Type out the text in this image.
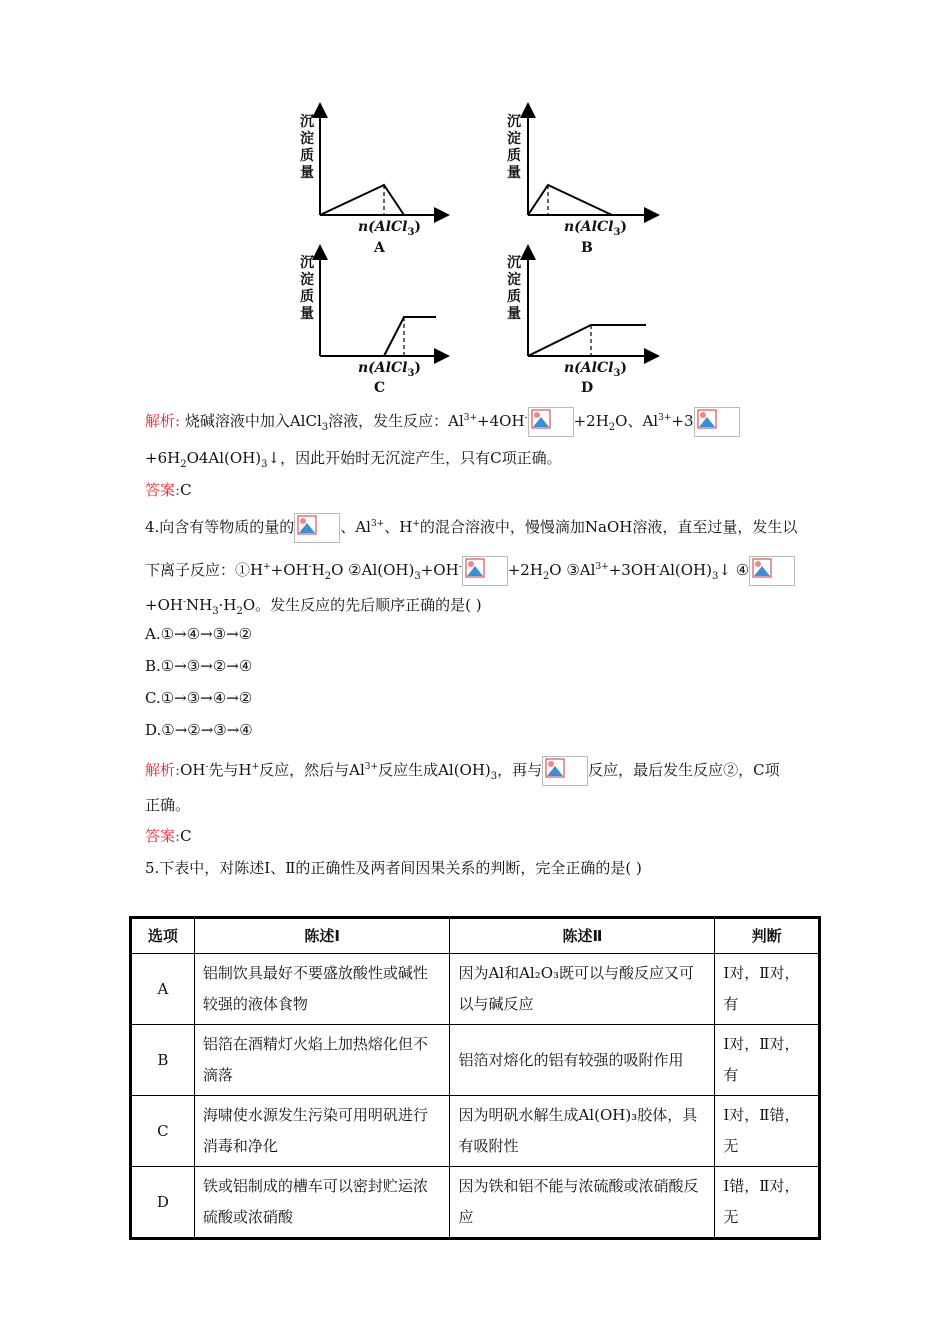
沉
淀
质
量
沉
淀
质
量
沉
淀
质
量
沉
淀
质
量
n(AlCl$_3$)	n(AlCl$_3$)
n(AlCl$_3$)	n(AlCl$_3$)
A	B
C	D
解析: 烧碱溶液中加入AlCl$_3$溶液，发生反应：$Al^{3+}+4OH^-$	$+2H_2O$、$Al^{3+}+3$
$+6H_2O4Al(OH)_3↓$，因此开始时无沉淀产生，只有C项正确。
答案:C
4.向含有等物质的量的	、$Al^{3+}$、H+的混合溶液中，慢慢滴加NaOH溶液，直至过量，发生以
下离子反应：$①H^++OH^-H_2O$ $②Al(OH)_3+OH^-$	$+2H_2O$ $③Al^{3+}+3OH^-Al(OH)_3↓$ ④
$+OH^-NH_3\cdot H_2O$。发生反应的先后顺序正确的是( )
A.①→④→③→②
B.①→③→②→④
C.①→③→④→②
D.①→②→③→④
解析:OH-先与H+反应，然后与$Al^{3+}$反应生成$Al(OH)_3$，再与	反应，最后发生反应②，C项
正确。
答案:C
5.下表中，对陈述Ⅰ、Ⅱ的正确性及两者间因果关系的判断，完全正确的是( )
选项	陈述Ⅰ	陈述Ⅱ	判断
A	铝制饮具最好不要盛放酸性或碱性较强的液体食物	因为Al和Al₂O₃既可以与酸反应又可以与碱反应	Ⅰ对，Ⅱ对，有
B	铝箔在酒精灯火焰上加热熔化但不滴落	铝箔对熔化的铝有较强的吸附作用	Ⅰ对，Ⅱ对，有
C	海啸使水源发生污染可用明矾进行消毒和净化	因为明矾水解生成Al(OH)₃胶体，具有吸附性	Ⅰ对，Ⅱ错，无
D	铁或铝制成的槽车可以密封贮运浓硫酸或浓硝酸	因为铁和铝不能与浓硫酸或浓硝酸反应	Ⅰ错，Ⅱ对，无
